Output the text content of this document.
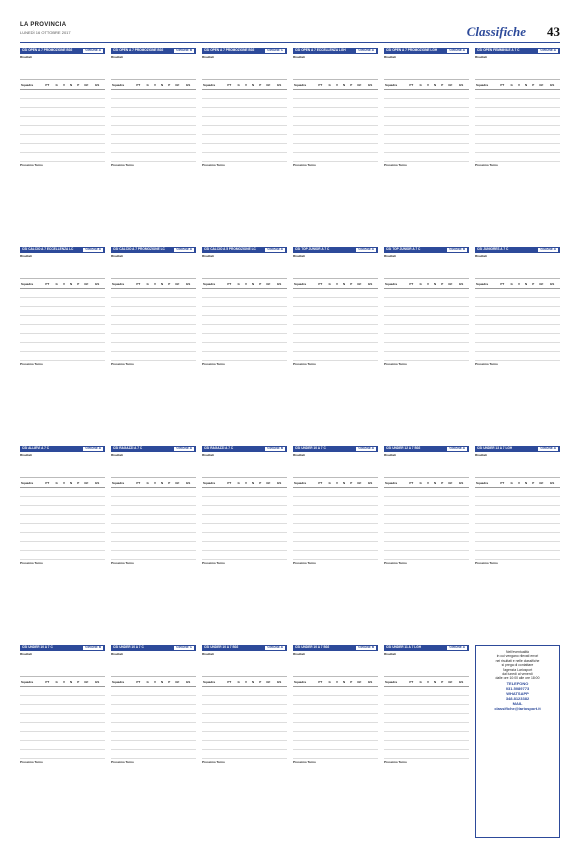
LA PROVINCIA
LUNEDÌ 16 OTTOBRE 2017	Classifiche 43
CSI OPEN A 7 PROMOZIONE B02	GIRONE A
Risultati
Squadra	PT	G	V	N	P	GF	GS

Prossimo Turno
CSI OPEN A 7 PROMOZIONE B02	GIRONE B
Risultati
Squadra	PT	G	V	N	P	GF	GS

Prossimo Turno
CSI OPEN A 7 PROMOZIONE B02	GIRONE C
Risultati
Squadra	PT	G	V	N	P	GF	GS

Prossimo Turno
CSI OPEN A 7 ECCELLENZA LGH	GIRONE A
Risultati
Squadra	PT	G	V	N	P	GF	GS

Prossimo Turno
CSI OPEN A 7 PROMOZIONE LGH	GIRONE A
Risultati
Squadra	PT	G	V	N	P	GF	GS

Prossimo Turno
CSI OPEN FEMMINILE A 7 C	GIRONE A
Risultati
Squadra	PT	G	V	N	P	GF	GS

Prossimo Turno
CSI CALCIO A 7 ECCELLENZA LC	GIRONE A
Risultati
Squadra	PT	G	V	N	P	GF	GS

Prossimo Turno
CSI CALCIO A 7 PROMOZIONE LC	GIRONE A
Risultati
Squadra	PT	G	V	N	P	GF	GS

Prossimo Turno
CSI CALCIO A 5 PROMOZIONE LC	GIRONE A
Risultati
Squadra	PT	G	V	N	P	GF	GS

Prossimo Turno
CSI TOP JUNIOR A 7 C	GIRONE A
Risultati
Squadra	PT	G	V	N	P	GF	GS

Prossimo Turno
CSI TOP JUNIOR A 7 C	GIRONE B
Risultati
Squadra	PT	G	V	N	P	GF	GS

Prossimo Turno
CSI JUNIORES A 7 C	GIRONE A
Risultati
Squadra	PT	G	V	N	P	GF	GS

Prossimo Turno
CSI ALLIEVI A 7 C	GIRONE A
Risultati
Squadra	PT	G	V	N	P	GF	GS

Prossimo Turno
CSI RAGAZZI A 7 C	GIRONE A
Risultati
Squadra	PT	G	V	N	P	GF	GS

Prossimo Turno
CSI RAGAZZI A 7 C	GIRONE B
Risultati
Squadra	PT	G	V	N	P	GF	GS

Prossimo Turno
CSI UNDER 10 A 7 C	GIRONE A
Risultati
Squadra	PT	G	V	N	P	GF	GS

Prossimo Turno
CSI UNDER 12 A 7 B02	GIRONE A
Risultati
Squadra	PT	G	V	N	P	GF	GS

Prossimo Turno
CSI UNDER 13 A 7 LGH	GIRONE A
Risultati
Squadra	PT	G	V	N	P	GF	GS

Prossimo Turno
CSI UNDER 10 A 7 C	GIRONE B
Risultati
Squadra	PT	G	V	N	P	GF	GS

Prossimo Turno
CSI UNDER 10 A 7 C	GIRONE C
Risultati
Squadra	PT	G	V	N	P	GF	GS

Prossimo Turno
CSI UNDER 10 A 7 B02	GIRONE A
Risultati
Squadra	PT	G	V	N	P	GF	GS

Prossimo Turno
CSI UNDER 10 A 7 B02	GIRONE B
Risultati
Squadra	PT	G	V	N	P	GF	GS

Prossimo Turno
CSI UNDER 11 A 7 LGH	GIRONE A
Risultati
Squadra	PT	G	V	N	P	GF	GS

Prossimo Turno
Nell'eventualità
in cui vengano rilevati errori
nei risultati e nelle classifiche
si prega di contattare
l'agenzia Lariosport
dal lunedì al venerdì
dalle ore 10:00 alle ore 18:00
TELEFONO
031.5089773
WHATSAPP
348.8123382
MAIL
classifiche@lariosport.it
